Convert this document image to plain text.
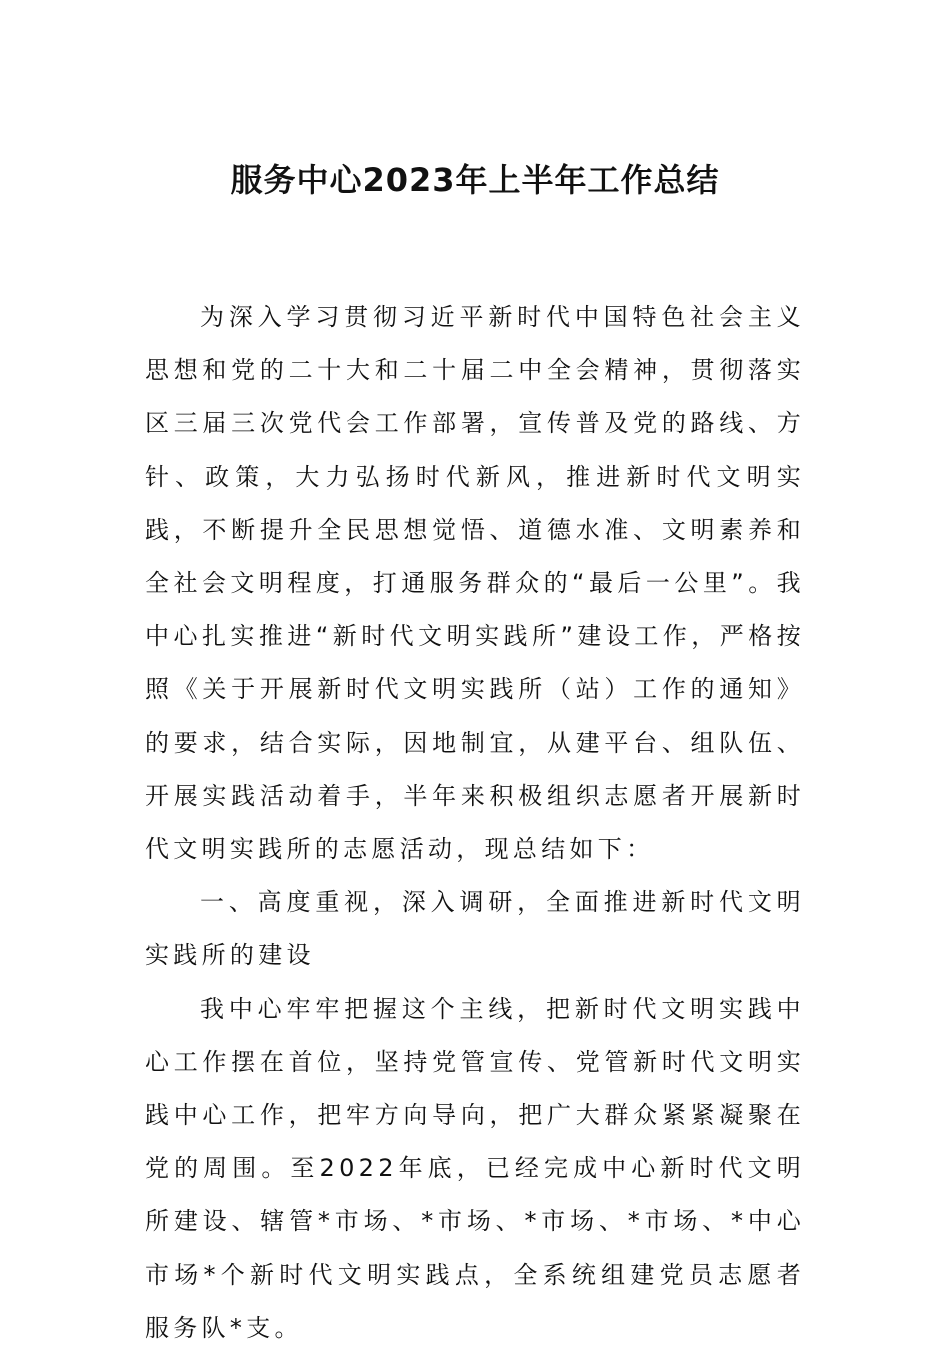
服务中心2023年上半年工作总结

为深入学习贯彻习近平新时代中国特色社会主义思想和党的二十大和二十届二中全会精神，贯彻落实区三届三次党代会工作部署，宣传普及党的路线、方针、政策，大力弘扬时代新风，推进新时代文明实践，不断提升全民思想觉悟、道德水准、文明素养和全社会文明程度，打通服务群众的“最后一公里”。我中心扎实推进“新时代文明实践所”建设工作，严格按照《关于开展新时代文明实践所（站）工作的通知》的要求，结合实际，因地制宜，从建平台、组队伍、开展实践活动着手，半年来积极组织志愿者开展新时代文明实践所的志愿活动，现总结如下：

一、高度重视，深入调研，全面推进新时代文明实践所的建设

我中心牢牢把握这个主线，把新时代文明实践中心工作摆在首位，坚持党管宣传、党管新时代文明实践中心工作，把牢方向导向，把广大群众紧紧凝聚在党的周围。至2022年底，已经完成中心新时代文明所建设、辖管*市场、*市场、*市场、*市场、*中心市场*个新时代文明实践点，全系统组建党员志愿者服务队*支。
